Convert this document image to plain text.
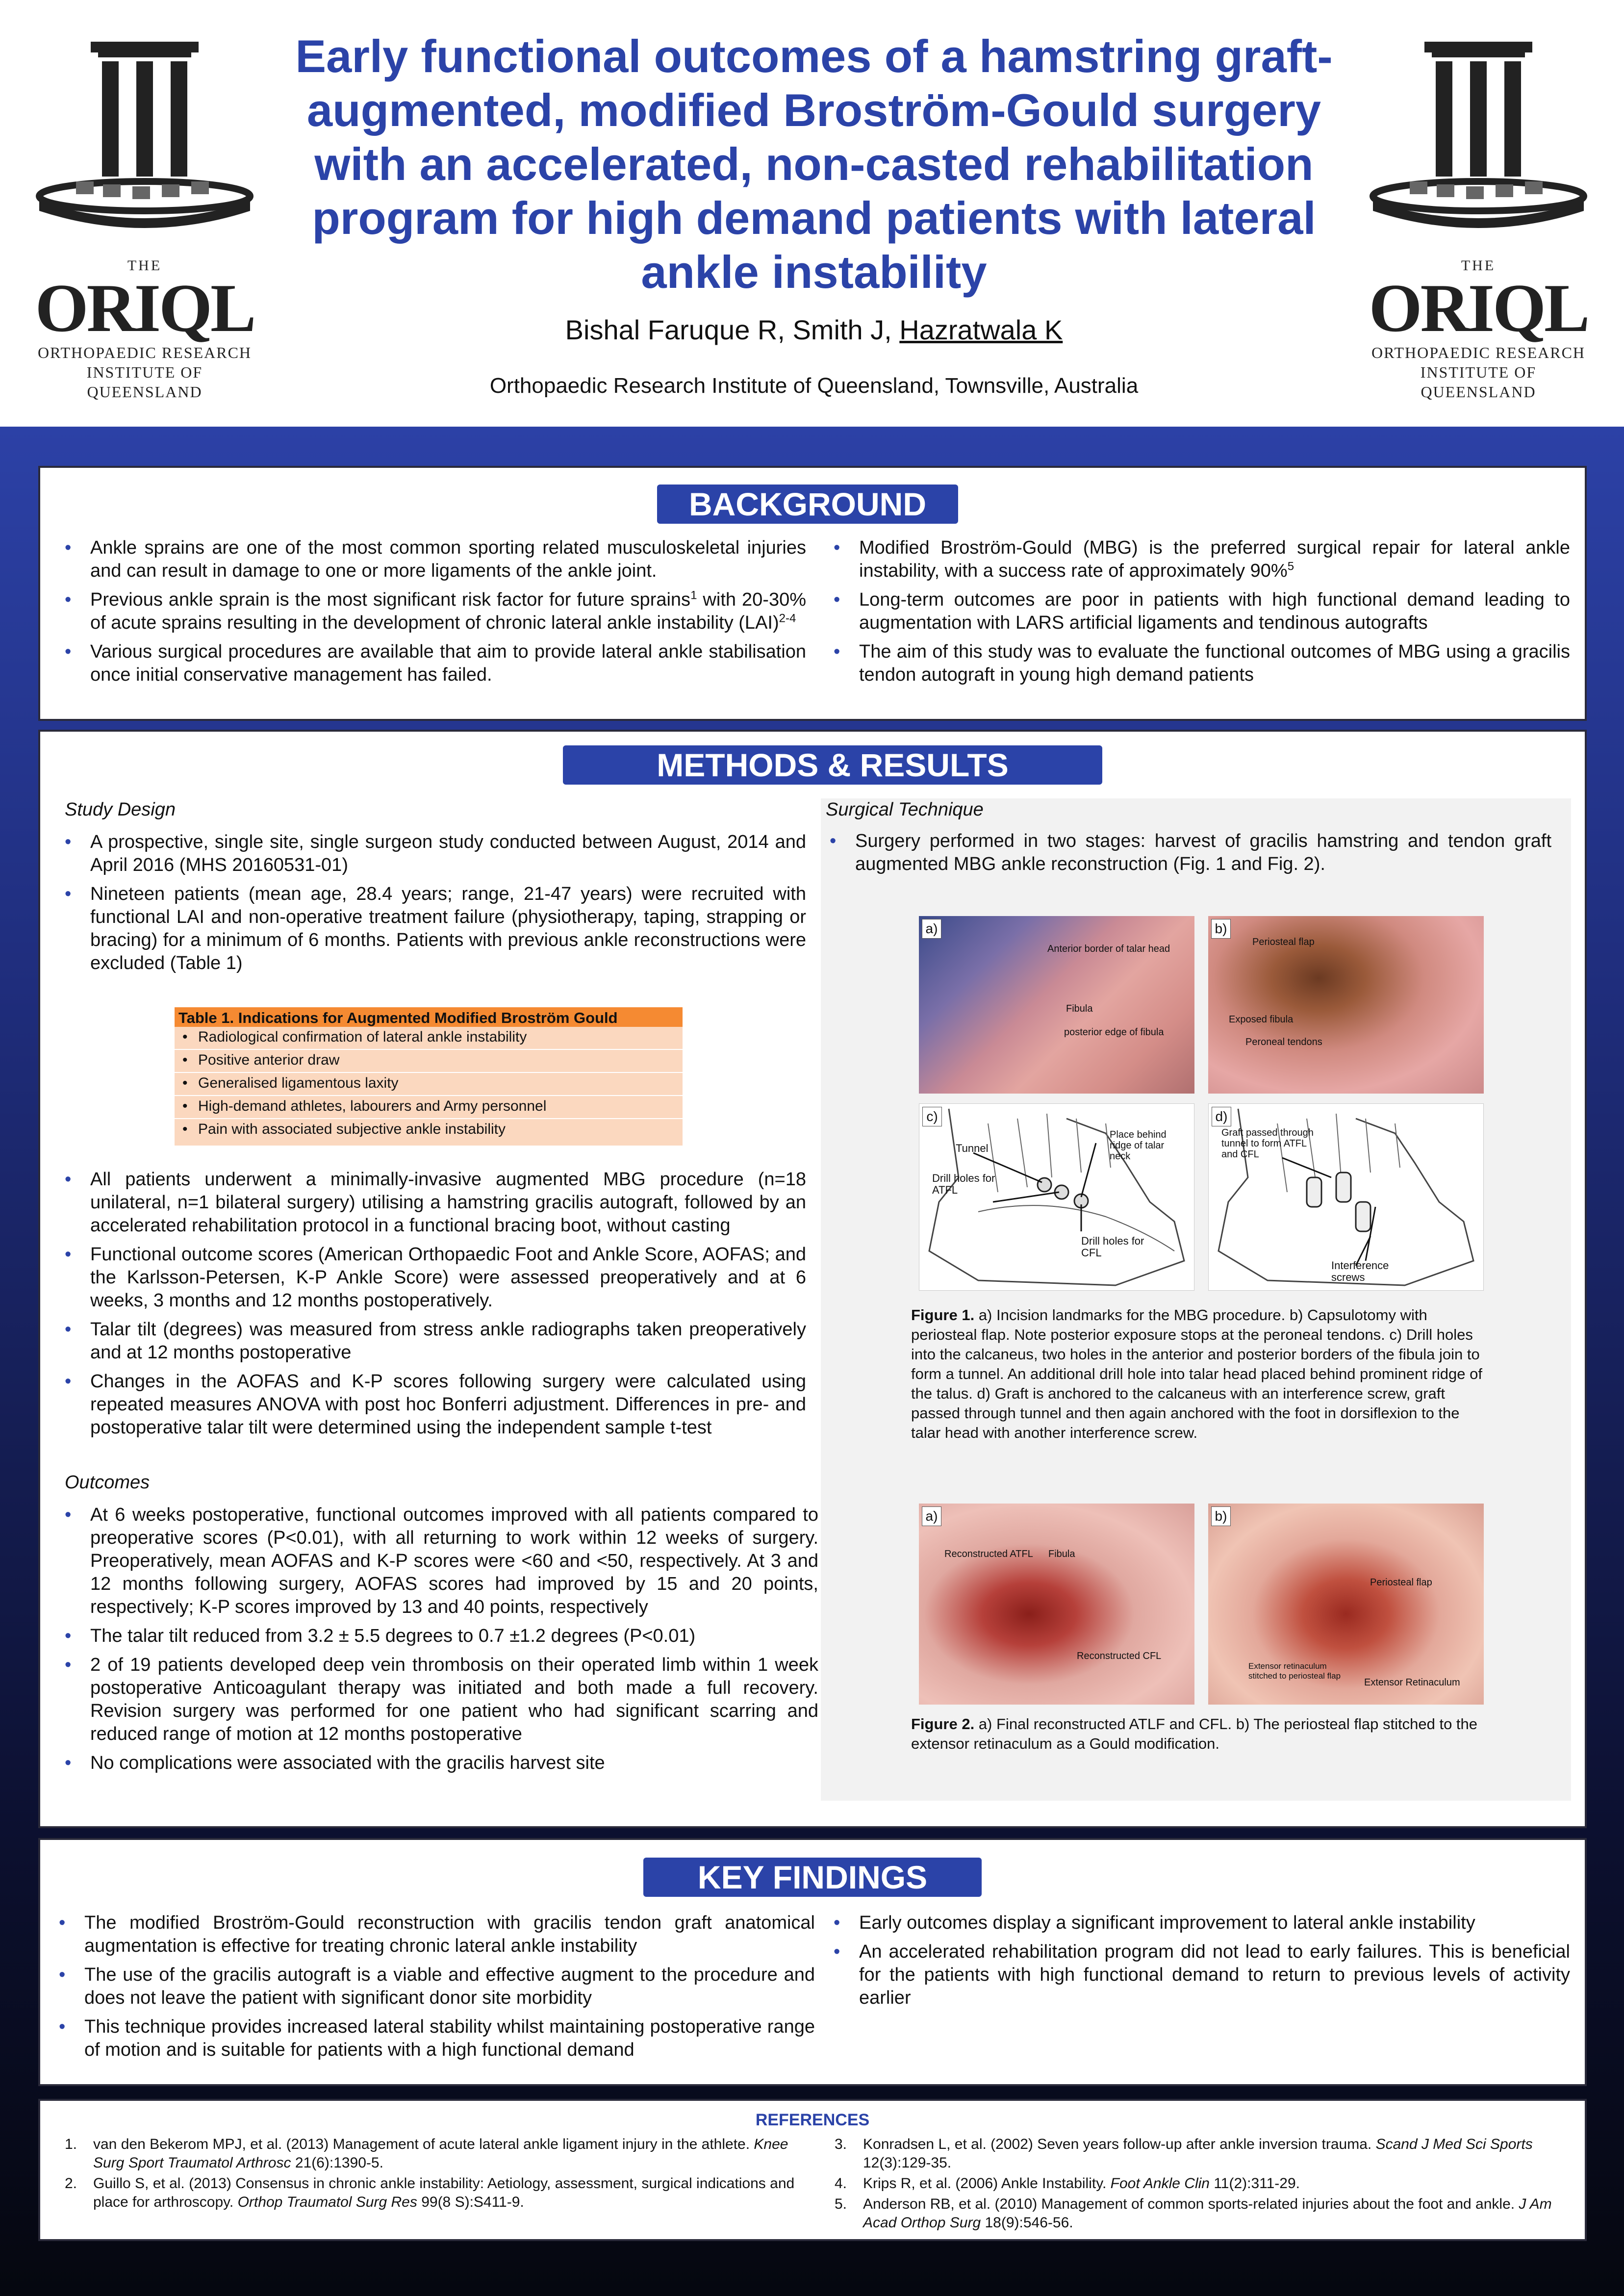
THE
ORIQL
ORTHOPAEDIC RESEARCH
INSTITUTE OF QUEENSLAND
Early functional outcomes of a hamstring graft-augmented, modified Broström-Gould surgery with an accelerated, non-casted rehabilitation program for high demand patients with lateral ankle instability
Bishal Faruque R, Smith J, Hazratwala K
Orthopaedic Research Institute of Queensland, Townsville, Australia
THE
ORIQL
ORTHOPAEDIC RESEARCH
INSTITUTE OF QUEENSLAND
BACKGROUND
• Ankle sprains are one of the most common sporting related musculoskeletal injuries and can result in damage to one or more ligaments of the ankle joint.
• Previous ankle sprain is the most significant risk factor for future sprains$^1$ with 20-30% of acute sprains resulting in the development of chronic lateral ankle instability (LAI)$^{2-4}$
• Various surgical procedures are available that aim to provide lateral ankle stabilisation once initial conservative management has failed.
• Modified Broström-Gould (MBG) is the preferred surgical repair for lateral ankle instability, with a success rate of approximately 90%$^5$
• Long-term outcomes are poor in patients with high functional demand leading to augmentation with LARS artificial ligaments and tendinous autografts
• The aim of this study was to evaluate the functional outcomes of MBG using a gracilis tendon autograft in young high demand patients
METHODS & RESULTS
Study Design
• A prospective, single site, single surgeon study conducted between August, 2014 and April 2016 (MHS 20160531-01)
• Nineteen patients (mean age, 28.4 years; range, 21-47 years) were recruited with functional LAI and non-operative treatment failure (physiotherapy, taping, strapping or bracing) for a minimum of 6 months. Patients with previous ankle reconstructions were excluded (Table 1)
• All patients underwent a minimally-invasive augmented MBG procedure (n=18 unilateral, n=1 bilateral surgery) utilising a hamstring gracilis autograft, followed by an accelerated rehabilitation protocol in a functional bracing boot, without casting
• Functional outcome scores (American Orthopaedic Foot and Ankle Score, AOFAS; and the Karlsson-Petersen, K-P Ankle Score) were assessed preoperatively and at 6 weeks, 3 months and 12 months postoperatively.
• Talar tilt (degrees) was measured from stress ankle radiographs taken preoperatively and at 12 months postoperative
• Changes in the AOFAS and K-P scores following surgery were calculated using repeated measures ANOVA with post hoc Bonferri adjustment. Differences in pre- and postoperative talar tilt were determined using the independent sample t-test
Outcomes
• At 6 weeks postoperative, functional outcomes improved with all patients compared to preoperative scores (P<0.01), with all returning to work within 12 weeks of surgery. Preoperatively, mean AOFAS and K-P scores were <60 and <50, respectively. At 3 and 12 months following surgery, AOFAS scores had improved by 15 and 20 points, respectively; K-P scores improved by 13 and 40 points, respectively
• The talar tilt reduced from 3.2 ± 5.5 degrees to 0.7 ±1.2 degrees (P<0.01)
• 2 of 19 patients developed deep vein thrombosis on their operated limb within 1 week postoperative Anticoagulant therapy was initiated and both made a full recovery. Revision surgery was performed for one patient who had significant scarring and reduced range of motion at 12 months postoperative
• No complications were associated with the gracilis harvest site
Surgical Technique
• Surgery performed in two stages: harvest of gracilis hamstring and tendon graft augmented MBG ankle reconstruction (Fig. 1 and Fig. 2).
a)
Anterior border of talar head
Fibula
posterior edge of fibula
b)
Periosteal flap
Exposed fibula
Peroneal tendons
c)
Tunnel
Place behind ridge of talar neck
Drill holes for ATFL
Drill holes for CFL
d)
Graft passed through tunnel to form ATFL and CFL
Interference screws
Figure 1. a) Incision landmarks for the MBG procedure. b) Capsulotomy with periosteal flap. Note posterior exposure stops at the peroneal tendons. c) Drill holes into the calcaneus, two holes in the anterior and posterior borders of the fibula join to form a tunnel. An additional drill hole into talar head placed behind prominent ridge of the talus. d) Graft is anchored to the calcaneus with an interference screw, graft passed through tunnel and then again anchored with the foot in dorsiflexion to the talar head with another interference screw.
a)
Reconstructed ATFL Fibula
Reconstructed CFL
b)
Periosteal flap
Extensor retinaculum stitched to periosteal flap
Extensor Retinaculum
Figure 2. a) Final reconstructed ATLF and CFL. b) The periosteal flap stitched to the extensor retinaculum as a Gould modification.
Table 1. Indications for Augmented Modified Broström Gould
• Radiological confirmation of lateral ankle instability
• Positive anterior draw
• Generalised ligamentous laxity
• High-demand athletes, labourers and Army personnel
• Pain with associated subjective ankle instability
KEY FINDINGS
• The modified Broström-Gould reconstruction with gracilis tendon graft anatomical augmentation is effective for treating chronic lateral ankle instability
• The use of the gracilis autograft is a viable and effective augment to the procedure and does not leave the patient with significant donor site morbidity
• This technique provides increased lateral stability whilst maintaining postoperative range of motion and is suitable for patients with a high functional demand
• Early outcomes display a significant improvement to lateral ankle instability
• An accelerated rehabilitation program did not lead to early failures. This is beneficial for the patients with high functional demand to return to previous levels of activity earlier
REFERENCES
1. van den Bekerom MPJ, et al. (2013) Management of acute lateral ankle ligament injury in the athlete. Knee Surg Sport Traumatol Arthrosc 21(6):1390-5.
2. Guillo S, et al. (2013) Consensus in chronic ankle instability: Aetiology, assessment, surgical indications and place for arthroscopy. Orthop Traumatol Surg Res 99(8 S):S411-9.
3. Konradsen L, et al. (2002) Seven years follow-up after ankle inversion trauma. Scand J Med Sci Sports 12(3):129-35.
4. Krips R, et al. (2006) Ankle Instability. Foot Ankle Clin 11(2):311-29.
5. Anderson RB, et al. (2010) Management of common sports-related injuries about the foot and ankle. J Am Acad Orthop Surg 18(9):546-56.
